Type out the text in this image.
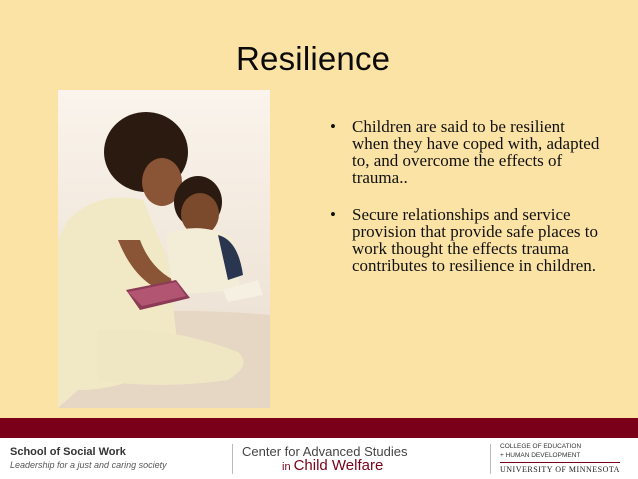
Resilience
• Children are said to be resilient when they have coped with, adapted to, and overcome the effects of trauma..
• Secure relationships and service provision that provide safe places to work thought the effects trauma contributes to resilience in children.
School of Social Work
Leadership for a just and caring society
Center for Advanced Studies
in Child Welfare
COLLEGE OF EDUCATION
+ HUMAN DEVELOPMENT
UNIVERSITY OF MINNESOTA
